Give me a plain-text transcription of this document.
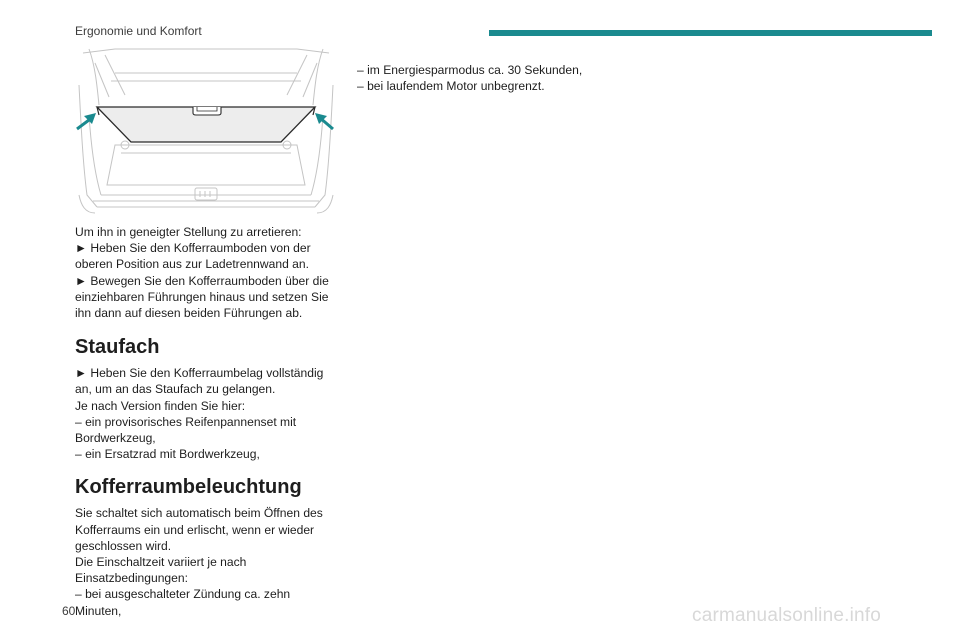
Ergonomie und Komfort
Um ihn in geneigter Stellung zu arretieren:
► Heben Sie den Kofferraumboden von der
oberen Position aus zur Ladetrennwand an.
► Bewegen Sie den Kofferraumboden über die
einziehbaren Führungen hinaus und setzen Sie
ihn dann auf diesen beiden Führungen ab.
Staufach
► Heben Sie den Kofferraumbelag vollständig
an, um an das Staufach zu gelangen.
Je nach Version finden Sie hier:
– ein provisorisches Reifenpannenset mit
Bordwerkzeug,
– ein Ersatzrad mit Bordwerkzeug,
Kofferraumbeleuchtung
Sie schaltet sich automatisch beim Öffnen des
Kofferraums ein und erlischt, wenn er wieder
geschlossen wird.
Die Einschaltzeit variiert je nach
Einsatzbedingungen:
– bei ausgeschalteter Zündung ca. zehn
Minuten,
– im Energiesparmodus ca. 30 Sekunden,
– bei laufendem Motor unbegrenzt.
60	carmanualsonline.info
